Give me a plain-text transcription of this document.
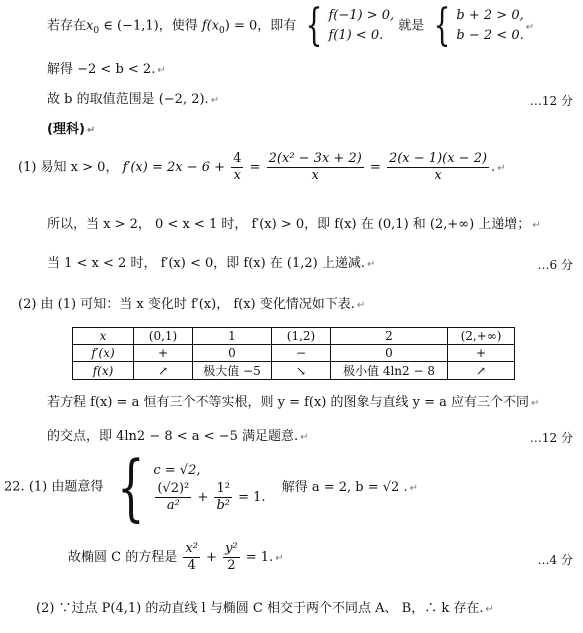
若存在$x_0$ ∈ (−1,1)，使得 $f(x_0) = 0$，即有 { f(−1) > 0,
f(1) < 0. 就是 { b + 2 > 0,
b − 2 < 0.↵
解得 −2 < b < 2. ↵
故 b 的取值范围是 (−2, 2). ↵	…12 分
(理科) ↵
(1) 易知 x > 0， $f'(x) = 2x - 6 + \frac{4}{x} = \frac{\text{2(x² − 3x + 2)}}{x} = \frac{2(x - 1)(x - 2)}{x}$ . ↵
所以，当 x > 2， 0 < x < 1 时， f′(x) > 0，即 f(x) 在 (0,1) 和 (2,+∞) 上递增； ↵
当 1 < x < 2 时， f′(x) < 0，即 f(x) 在 (1,2) 上递减. ↵	…6 分
(2) 由 (1) 可知：当 x 变化时 f′(x)， f(x) 变化情况如下表. ↵
x	(0,1)	1	(1,2)	2	(2,+∞)
f′(x)	+	0	−	0	+
f(x)	↗	极大值 −5	↘	极小值 4ln2 − 8	↗
若方程 f(x) = a 恒有三个不等实根，则 y = f(x) 的图象与直线 y = a 应有三个不同 ↵
的交点，即 4ln2 − 8 < a < −5 满足题意. ↵	…12 分
22. (1) 由题意得 { c = √2,

$\frac{\text{(√2)²}}{\text{a²}} + \frac{\text{1²}}{\text{b²}} = 1$. 解得 a = 2, b = √2 . ↵
故椭圆 C 的方程是 $\frac{\text{x²}}{4} + \frac{\text{y²}}{2} = 1$. ↵	…4 分
(2) ∵过点 P(4,1) 的动直线 l 与椭圆 C 相交于两个不同点 A、 B，∴ k 存在. ↵
